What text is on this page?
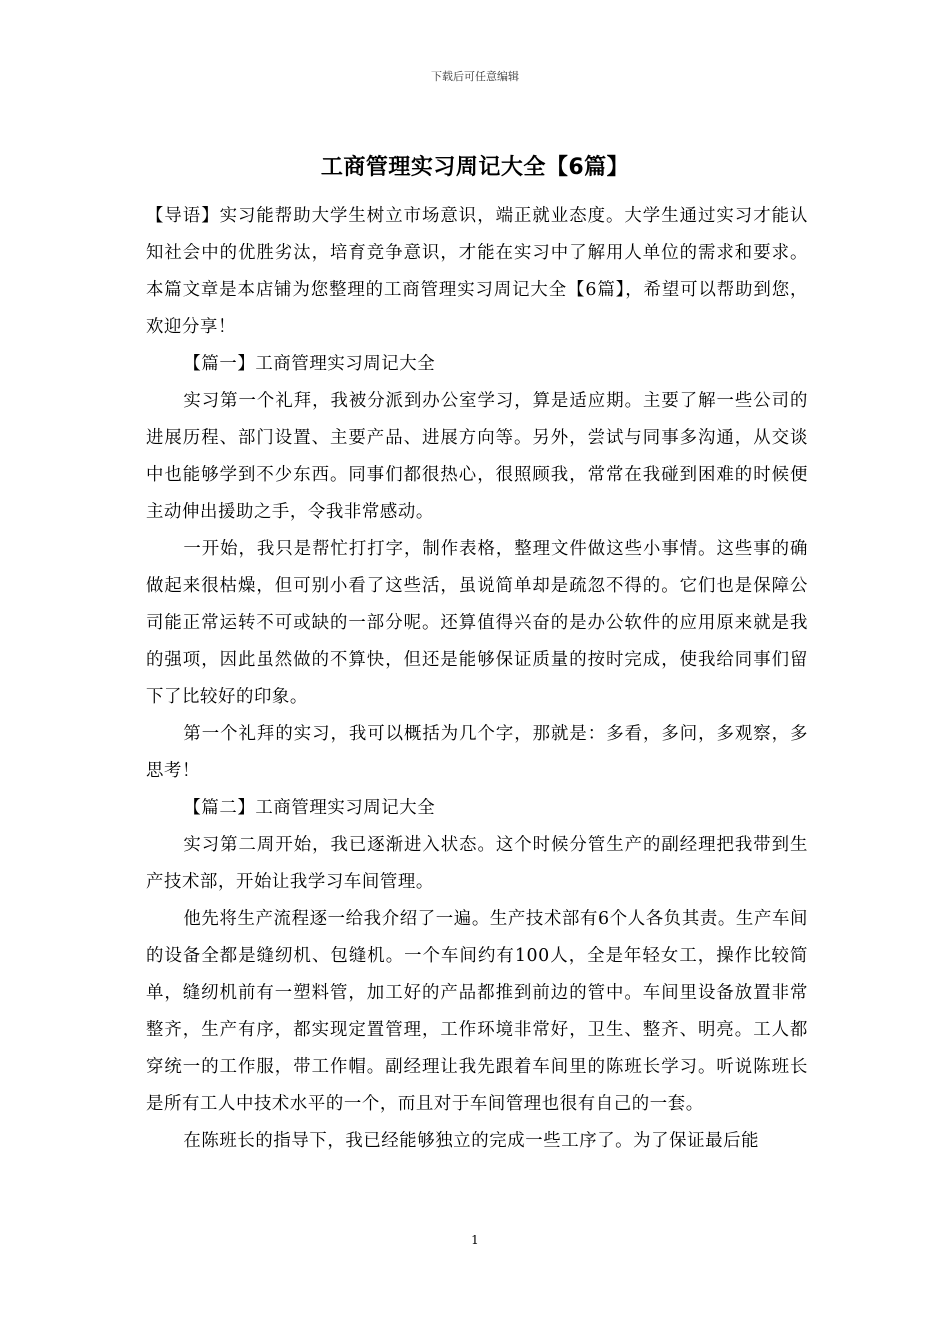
下载后可任意编辑
工商管理实习周记大全【6篇】

【导语】实习能帮助大学生树立市场意识，端正就业态度。大学生通过实习才能认知社会中的优胜劣汰，培育竞争意识，才能在实习中了解用人单位的需求和要求。本篇文章是本店铺为您整理的工商管理实习周记大全【6篇】，希望可以帮助到您，欢迎分享！

【篇一】工商管理实习周记大全

实习第一个礼拜，我被分派到办公室学习，算是适应期。主要了解一些公司的进展历程、部门设置、主要产品、进展方向等。另外，尝试与同事多沟通，从交谈中也能够学到不少东西。同事们都很热心，很照顾我，常常在我碰到困难的时候便主动伸出援助之手，令我非常感动。

一开始，我只是帮忙打打字，制作表格，整理文件做这些小事情。这些事的确做起来很枯燥，但可别小看了这些活，虽说简单却是疏忽不得的。它们也是保障公司能正常运转不可或缺的一部分呢。还算值得兴奋的是办公软件的应用原来就是我的强项，因此虽然做的不算快，但还是能够保证质量的按时完成，使我给同事们留下了比较好的印象。

第一个礼拜的实习，我可以概括为几个字，那就是：多看，多问，多观察，多思考！

【篇二】工商管理实习周记大全

实习第二周开始，我已逐渐进入状态。这个时候分管生产的副经理把我带到生产技术部，开始让我学习车间管理。

他先将生产流程逐一给我介绍了一遍。生产技术部有6个人各负其责。生产车间的设备全都是缝纫机、包缝机。一个车间约有100人，全是年轻女工，操作比较简单，缝纫机前有一塑料管，加工好的产品都推到前边的管中。车间里设备放置非常整齐，生产有序，都实现定置管理，工作环境非常好，卫生、整齐、明亮。工人都穿统一的工作服，带工作帽。副经理让我先跟着车间里的陈班长学习。听说陈班长是所有工人中技术水平的一个，而且对于车间管理也很有自己的一套。

在陈班长的指导下，我已经能够独立的完成一些工序了。为了保证最后能

1
